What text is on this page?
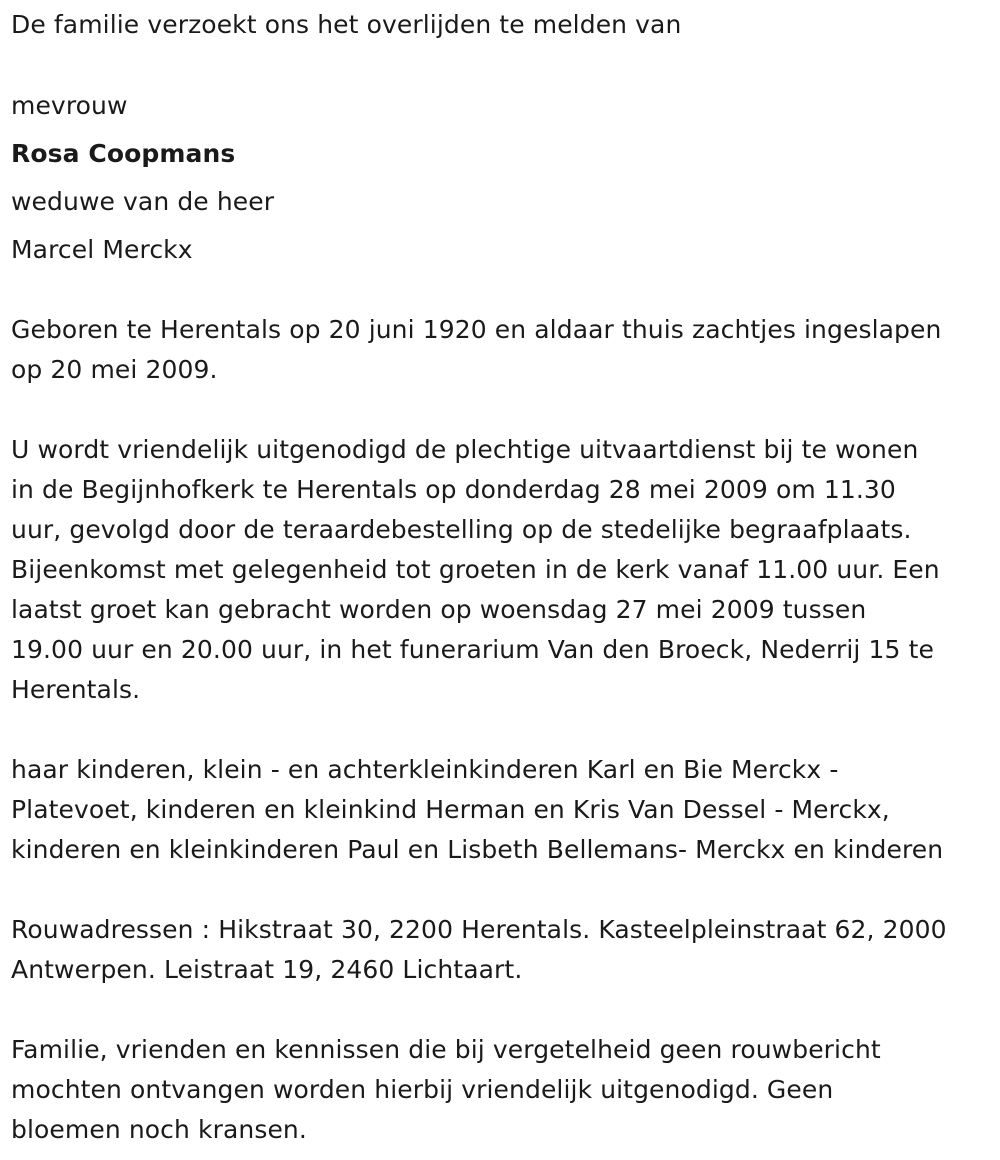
De familie verzoekt ons het overlijden te melden van
mevrouw
Rosa Coopmans
weduwe van de heer
Marcel Merckx
Geboren te Herentals op 20 juni 1920 en aldaar thuis zachtjes ingeslapen
op 20 mei 2009.
U wordt vriendelijk uitgenodigd de plechtige uitvaartdienst bij te wonen
in de Begijnhofkerk te Herentals op donderdag 28 mei 2009 om 11.30
uur, gevolgd door de teraardebestelling op de stedelijke begraafplaats.
Bijeenkomst met gelegenheid tot groeten in de kerk vanaf 11.00 uur. Een
laatst groet kan gebracht worden op woensdag 27 mei 2009 tussen
19.00 uur en 20.00 uur, in het funerarium Van den Broeck, Nederrij 15 te
Herentals.
haar kinderen, klein - en achterkleinkinderen Karl en Bie Merckx -
Platevoet, kinderen en kleinkind Herman en Kris Van Dessel - Merckx,
kinderen en kleinkinderen Paul en Lisbeth Bellemans- Merckx en kinderen
Rouwadressen : Hikstraat 30, 2200 Herentals. Kasteelpleinstraat 62, 2000
Antwerpen. Leistraat 19, 2460 Lichtaart.
Familie, vrienden en kennissen die bij vergetelheid geen rouwbericht
mochten ontvangen worden hierbij vriendelijk uitgenodigd. Geen
bloemen noch kransen.
